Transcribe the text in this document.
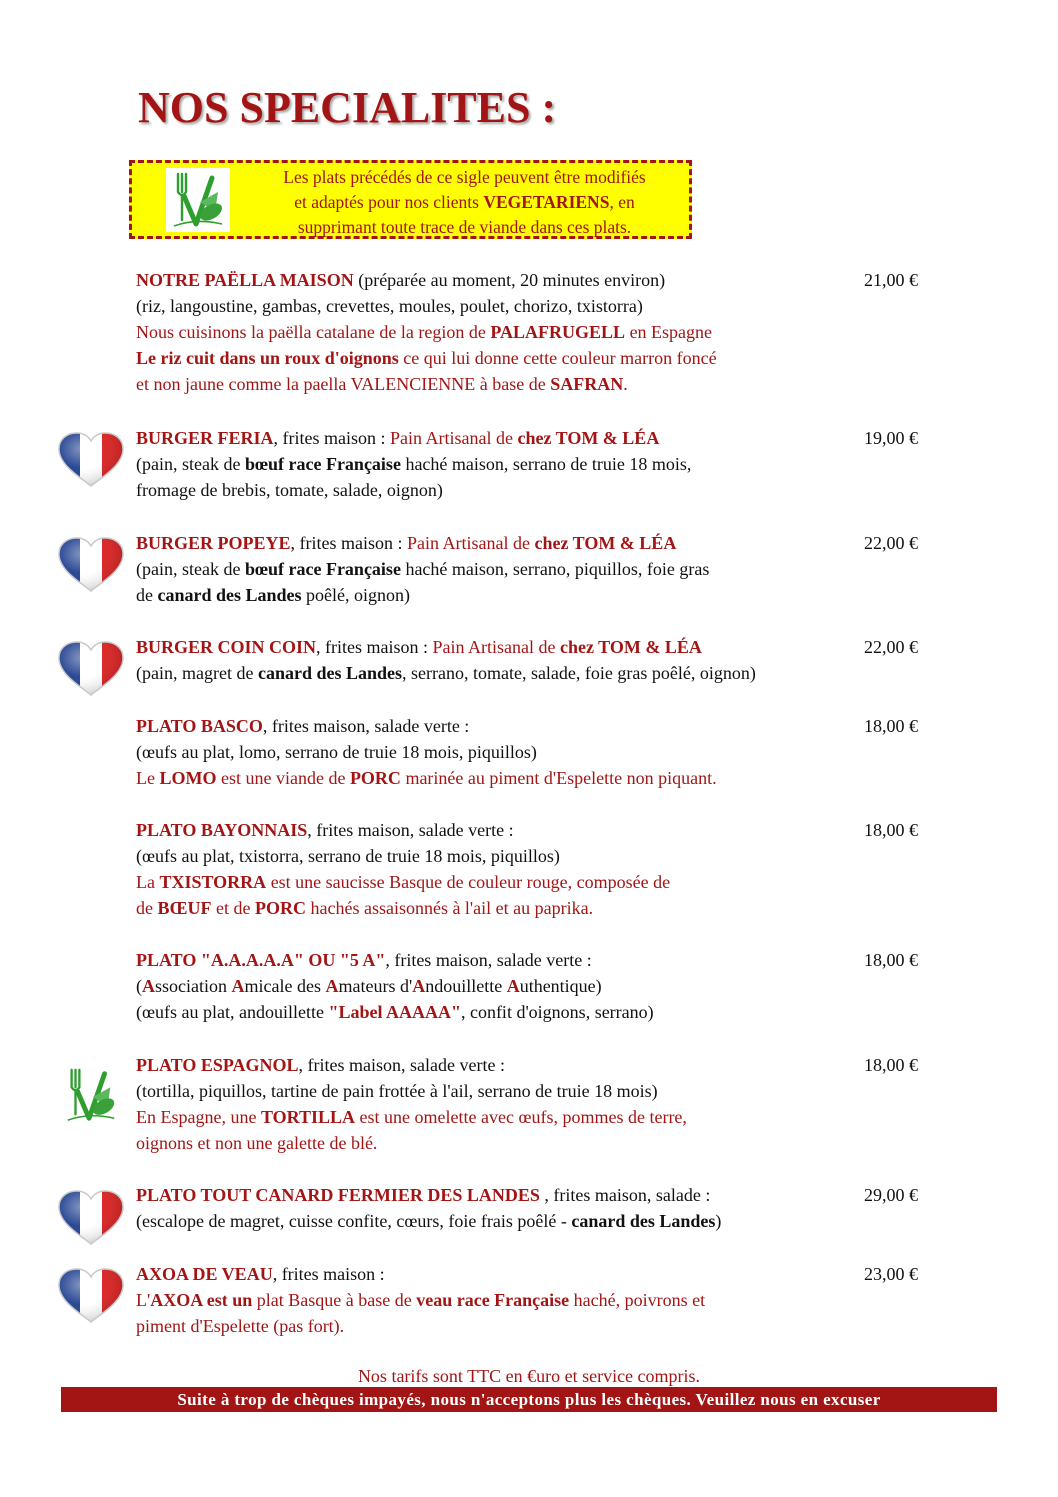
NOS SPECIALITES :
Les plats précédés de ce sigle peuvent être modifiés
et adaptés pour nos clients VEGETARIENS, en
supprimant toute trace de viande dans ces plats.
NOTRE PAËLLA MAISON (préparée au moment, 20 minutes environ)
(riz, langoustine, gambas, crevettes, moules, poulet, chorizo, txistorra)
Nous cuisinons la paëlla catalane de la region de PALAFRUGELL en Espagne
Le riz cuit dans un roux d'oignons ce qui lui donne cette couleur marron foncé
et non jaune comme la paella VALENCIENNE à base de SAFRAN.
21,00 €
BURGER FERIA, frites maison : Pain Artisanal de chez TOM & LÉA
(pain, steak de bœuf race Française haché maison, serrano de truie 18 mois,
fromage de brebis, tomate, salade, oignon)
19,00 €
BURGER POPEYE, frites maison : Pain Artisanal de chez TOM & LÉA
(pain, steak de bœuf race Française haché maison, serrano, piquillos, foie gras
de canard des Landes poêlé, oignon)
22,00 €
BURGER COIN COIN, frites maison : Pain Artisanal de chez TOM & LÉA
(pain, magret de canard des Landes, serrano, tomate, salade, foie gras poêlé, oignon)
22,00 €
PLATO BASCO, frites maison, salade verte :
(œufs au plat, lomo, serrano de truie 18 mois, piquillos)
Le LOMO est une viande de PORC marinée au piment d'Espelette non piquant.
18,00 €
PLATO BAYONNAIS, frites maison, salade verte :
(œufs au plat, txistorra, serrano de truie 18 mois, piquillos)
La TXISTORRA est une saucisse Basque de couleur rouge, composée de
de BŒUF et de PORC hachés assaisonnés à l'ail et au paprika.
18,00 €
PLATO "A.A.A.A.A" OU "5 A", frites maison, salade verte :
(Association Amicale des Amateurs d'Andouillette Authentique)
(œufs au plat, andouillette "Label AAAAA", confit d'oignons, serrano)
18,00 €
PLATO ESPAGNOL, frites maison, salade verte :
(tortilla, piquillos, tartine de pain frottée à l'ail, serrano de truie 18 mois)
En Espagne, une TORTILLA est une omelette avec œufs, pommes de terre,
oignons et non une galette de blé.
18,00 €
PLATO TOUT CANARD FERMIER DES LANDES , frites maison, salade :
(escalope de magret, cuisse confite, cœurs, foie frais poêlé - canard des Landes)
29,00 €
AXOA DE VEAU, frites maison :
L'AXOA est un plat Basque à base de veau race Française haché, poivrons et
piment d'Espelette (pas fort).
23,00 €
Nos tarifs sont TTC en €uro et service compris.
Suite à trop de chèques impayés, nous n'acceptons plus les chèques. Veuillez nous en excuser
